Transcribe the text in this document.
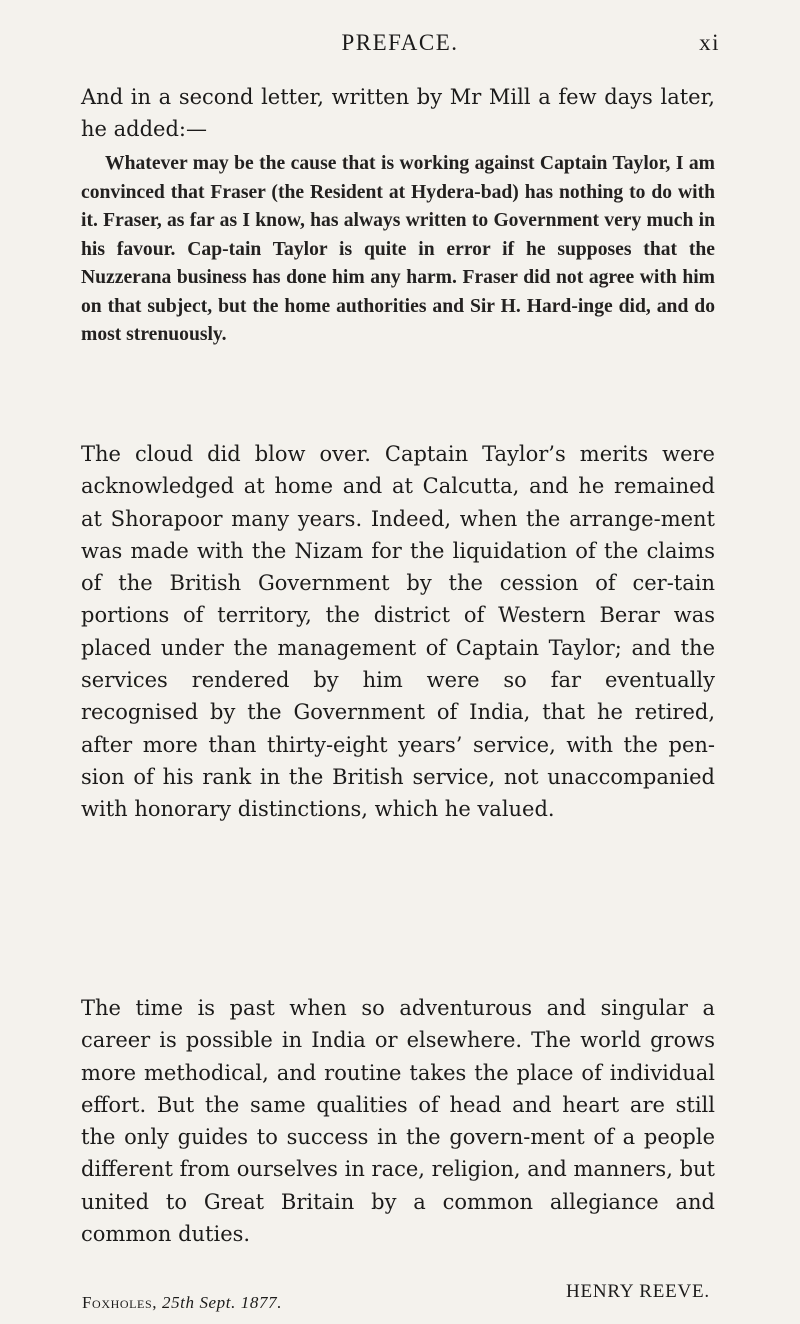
PREFACE.	xi

And in a second letter, written by Mr Mill a few days later, he added:—

Whatever may be the cause that is working against Captain Taylor, I am convinced that Fraser (the Resident at Hydera-bad) has nothing to do with it. Fraser, as far as I know, has always written to Government very much in his favour. Cap-tain Taylor is quite in error if he supposes that the Nuzzerana business has done him any harm. Fraser did not agree with him on that subject, but the home authorities and Sir H. Hard-inge did, and do most strenuously.

The cloud did blow over. Captain Taylor’s merits were acknowledged at home and at Calcutta, and he remained at Shorapoor many years. Indeed, when the arrange-ment was made with the Nizam for the liquidation of the claims of the British Government by the cession of cer-tain portions of territory, the district of Western Berar was placed under the management of Captain Taylor; and the services rendered by him were so far eventually recognised by the Government of India, that he retired, after more than thirty-eight years’ service, with the pen-sion of his rank in the British service, not unaccompanied with honorary distinctions, which he valued.

The time is past when so adventurous and singular a career is possible in India or elsewhere. The world grows more methodical, and routine takes the place of individual effort. But the same qualities of head and heart are still the only guides to success in the govern-ment of a people different from ourselves in race, religion, and manners, but united to Great Britain by a common allegiance and common duties.

HENRY REEVE.
Foxholes, 25th Sept. 1877.
